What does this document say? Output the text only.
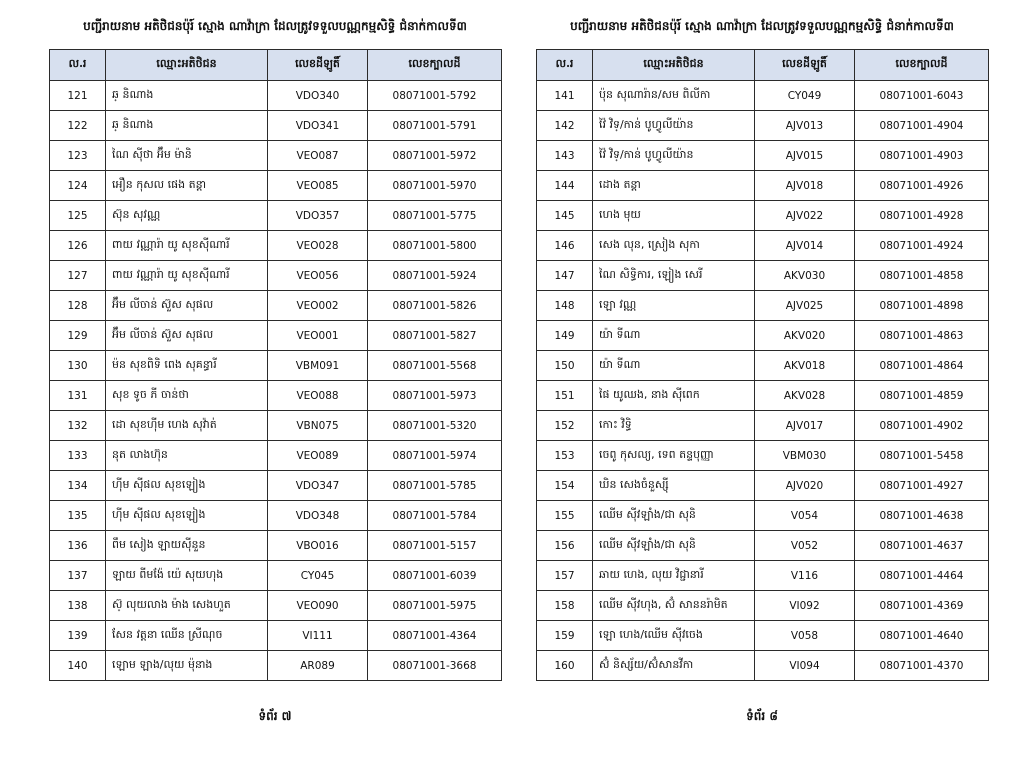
បញ្ជីរាយនាម អតិថិជនប៉ុរ៍ ស្មោង ណាវ៉ាក្រា ដែលត្រូវទទួលបណ្ណកម្មសិទ្ធិ ជំនាក់កាលទី៣
ល.រ	ឈ្មោះអតិថិជន	លេខដីឡូតិ៍	លេខក្បាលដី
121	ឆ្ និណាង	VDO340	08071001-5792
122	ឆ្ និណាង	VDO341	08071001-5791
123	ណៃ ស៊ីថា អ៊ឹម ម៉ានិ	VEO087	08071001-5972
124	អឿន កុសល ផេង តន្តា	VEO085	08071001-5970
125	ស៊ុន សុវណ្ណ	VDO357	08071001-5775
126	ពាយ វណ្ណារ៉ា យូ សុខស៊ីណារី	VEO028	08071001-5800
127	ពាយ វណ្ណារ៉ា យូ សុខស៊ីណារី	VEO056	08071001-5924
128	អ៊ឹម លីចាន់ ស៊ួស សុផល	VEO002	08071001-5826
129	អ៊ឹម លីចាន់ ស៊ួស សុផល	VEO001	08071001-5827
130	ម៉ន សុខពិទិ ពេង សុគន្ធារី	VBM091	08071001-5568
131	សុខ ទូច ភី ចាន់ថា	VEO088	08071001-5973
132	ដោ សុខហ៊ីម ហេង សុវ៉ាត់	VBN075	08071001-5320
133	នុត លាងហ៊ុន	VEO089	08071001-5974
134	ហ៊ីម ស៊ីផល សុខឡៀង	VDO347	08071001-5785
135	ហ៊ីម ស៊ីផល សុខឡៀង	VDO348	08071001-5784
136	ពឹម សៀង ឡាយស៊ីនួន	VBO016	08071001-5157
137	ឡាយ ពីមង៉ែ យ៉េ សុយហុង	CY045	08071001-6039
138	ស៊្ លុយលាង ម៉ាង សេងហួត	VEO090	08071001-5975
139	សែន វត្តនា ឈើន ស្រីណុច	VI111	08071001-4364
140	ឡោម ឡាង/លុយ ម៉ុនាង	AR089	08071001-3668
ទំព័រ ៧
បញ្ជីរាយនាម អតិថិជនប៉ុរ៍ ស្មោង ណាវ៉ាក្រា ដែលត្រូវទទួលបណ្ណកម្មសិទ្ធិ ជំនាក់កាលទី៣
ល.រ	ឈ្មោះអតិថិជន	លេខដីឡូតិ៍	លេខក្បាលដី
141	ប៉ុន សុណារ៉ាន/សម ពិលីកា	CY049	08071001-6043
142	វ៉ៃ វិទ្/កាន់ បូហ្វូលីយ៉ាន	AJV013	08071001-4904
143	វ៉ៃ វិទ្/កាន់ បូហ្វូលីយ៉ាន	AJV015	08071001-4903
144	ដោង តន្តា	AJV018	08071001-4926
145	ហេង មុយ	AJV022	08071001-4928
146	សេង លុន, ស្រៀង សុកា	AJV014	08071001-4924
147	ណៃ សិទ្ធិការ, ឡៀង សេរី	AKV030	08071001-4858
148	ឡោ វណ្ណ	AJV025	08071001-4898
149	យ៉ា ទីណា	AKV020	08071001-4863
150	យ៉ា ទីណា	AKV018	08071001-4864
151	ផៃ យូឈង, នាង ស៊ីពេក	AKV028	08071001-4859
152	កោះ វិទ្ធិ	AJV017	08071001-4902
153	ចេពូ កុសល្យ, ទេព តន្ទបុញ្ញា	VBM030	08071001-5458
154	ឃិន សេងចំនួស្ស៊ី	AJV020	08071001-4927
155	ឈើម ស៊ីវឡាំង/ជា សុនិ	V054	08071001-4638
156	ឈើម ស៊ីវឡាំង/ជា សុនិ	V052	08071001-4637
157	ឆាយ ហេង, លុយ វិជ្ជានារី	V116	08071001-4464
158	ឈើម ស៊ីវហុង, ស៊ំ សាននរ៉ាមិត	VI092	08071001-4369
159	ឡោ ហេង/ឈើម ស៊ីវចេង	V058	08071001-4640
160	ស៊ំ និស្ស័យ/ស៊ំសានវីកា	VI094	08071001-4370
ទំព័រ ៨
